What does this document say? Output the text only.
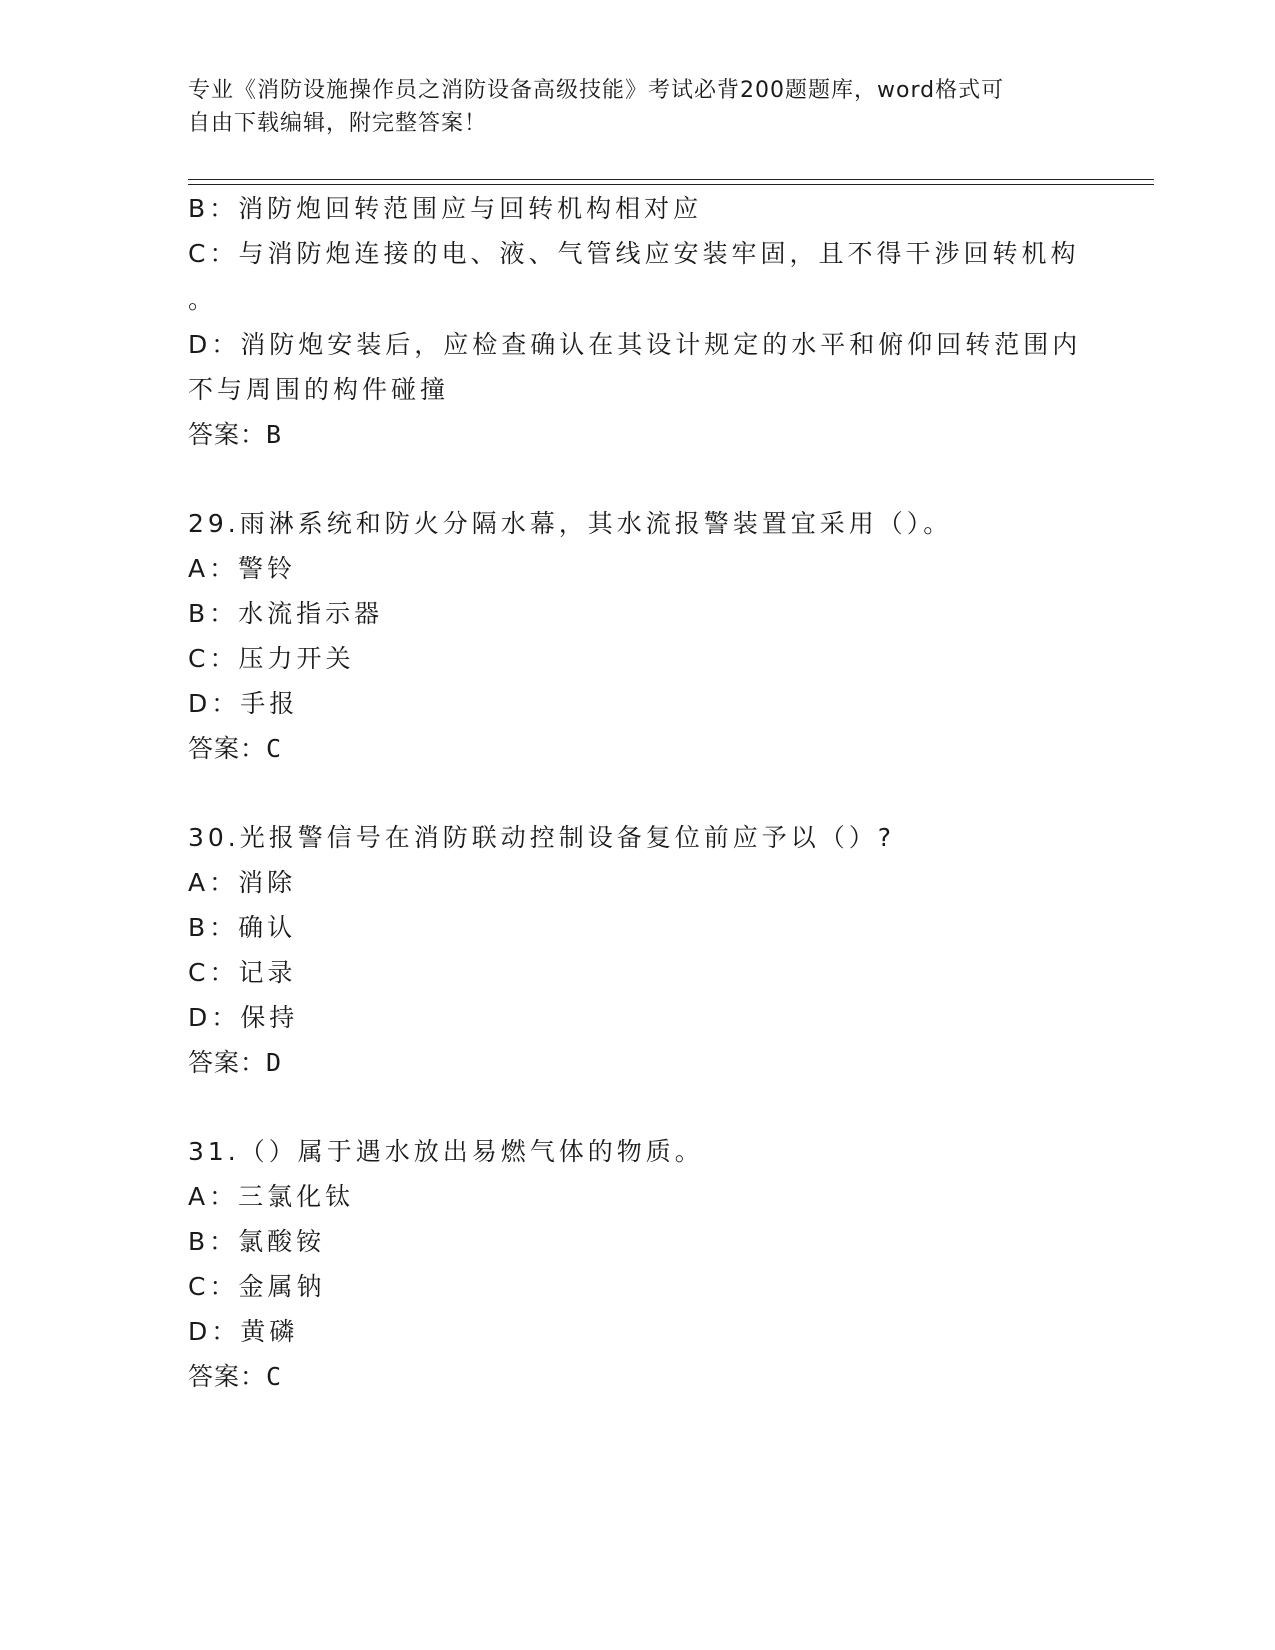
专业《消防设施操作员之消防设备高级技能》考试必背200题题库，word格式可
自由下载编辑，附完整答案！
B：消防炮回转范围应与回转机构相对应
C：与消防炮连接的电、液、气管线应安装牢固，且不得干涉回转机构
。
D：消防炮安装后，应检查确认在其设计规定的水平和俯仰回转范围内
不与周围的构件碰撞
答案：B
29.雨淋系统和防火分隔水幕，其水流报警装置宜采用（）。
A：警铃
B：水流指示器
C：压力开关
D：手报
答案：C
30.光报警信号在消防联动控制设备复位前应予以（）?
A：消除
B：确认
C：记录
D：保持
答案：D
31.（）属于遇水放出易燃气体的物质。
A：三氯化钛
B：氯酸铵
C：金属钠
D：黄磷
答案：C
